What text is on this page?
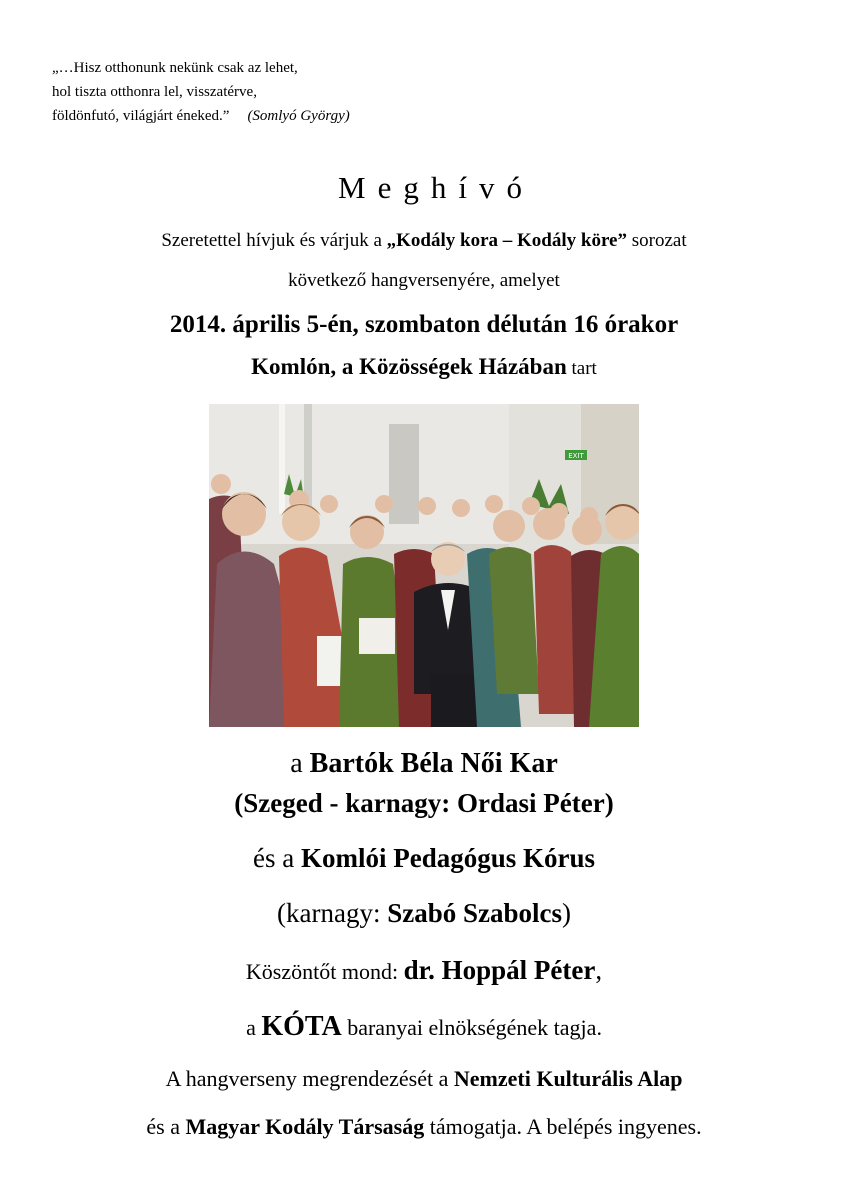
„…Hisz otthonunk nekünk csak az lehet,
hol tiszta otthonra lel, visszatérve,
földönfutó, világjárt éneked.” (Somlyó György)
Meghívó
Szeretettel hívjuk és várjuk a „Kodály kora – Kodály köre” sorozat
következő hangversenyére, amelyet
2014. április 5-én, szombaton délután 16 órakor
Komlón, a Közösségek Házában tart
EXIT
a Bartók Béla Női Kar
(Szeged - karnagy: Ordasi Péter)
és a Komlói Pedagógus Kórus
(karnagy: Szabó Szabolcs)
Köszöntőt mond: dr. Hoppál Péter,
a KÓTA baranyai elnökségének tagja.
A hangverseny megrendezését a Nemzeti Kulturális Alap
és a Magyar Kodály Társaság támogatja. A belépés ingyenes.
